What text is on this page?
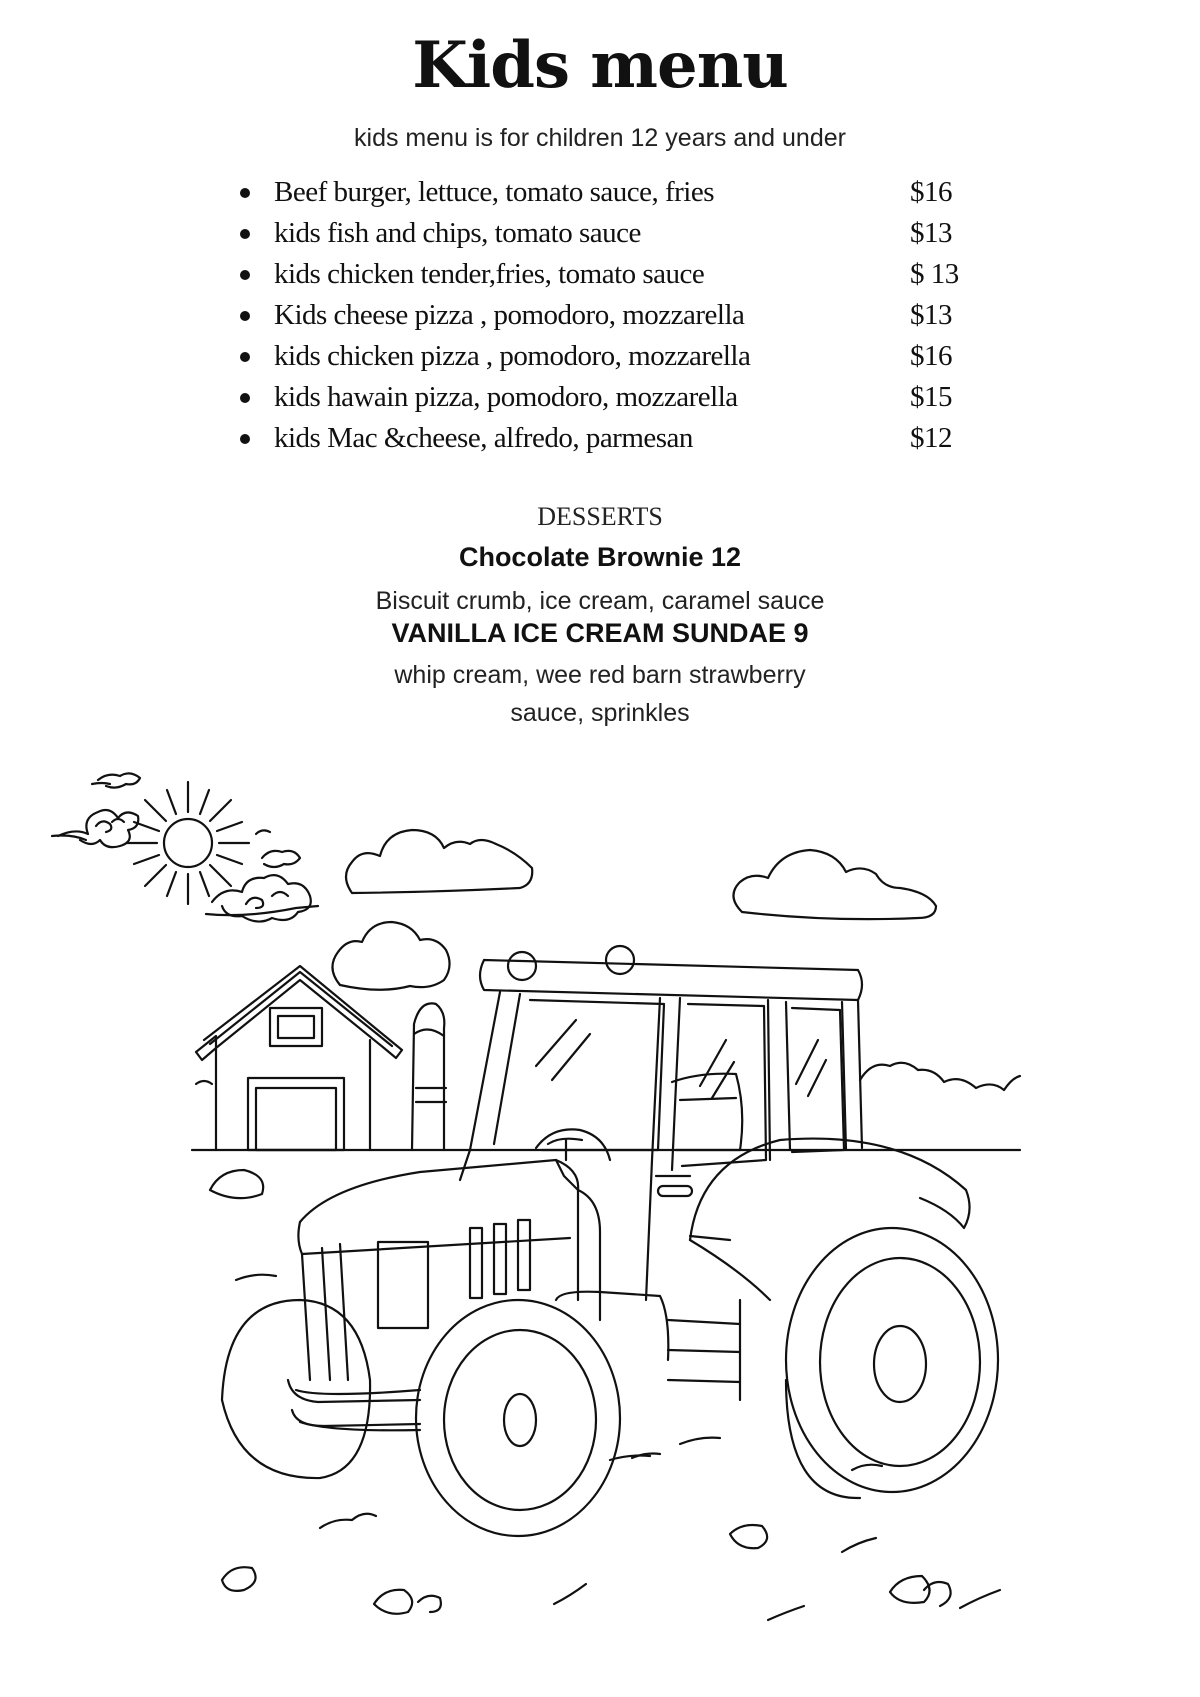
Kids menu
kids menu is for children 12 years and under
Beef burger, lettuce, tomato sauce, fries	$16
kids fish and chips, tomato sauce	$13
kids chicken tender,fries, tomato sauce	$ 13
Kids cheese pizza , pomodoro, mozzarella	$13
kids chicken pizza , pomodoro, mozzarella	$16
kids hawain pizza, pomodoro, mozzarella	$15
kids Mac &cheese, alfredo, parmesan	$12
DESSERTS
Chocolate Brownie 12
Biscuit crumb, ice cream, caramel sauce
VANILLA ICE CREAM SUNDAE 9
whip cream, wee red barn strawberry
sauce, sprinkles
